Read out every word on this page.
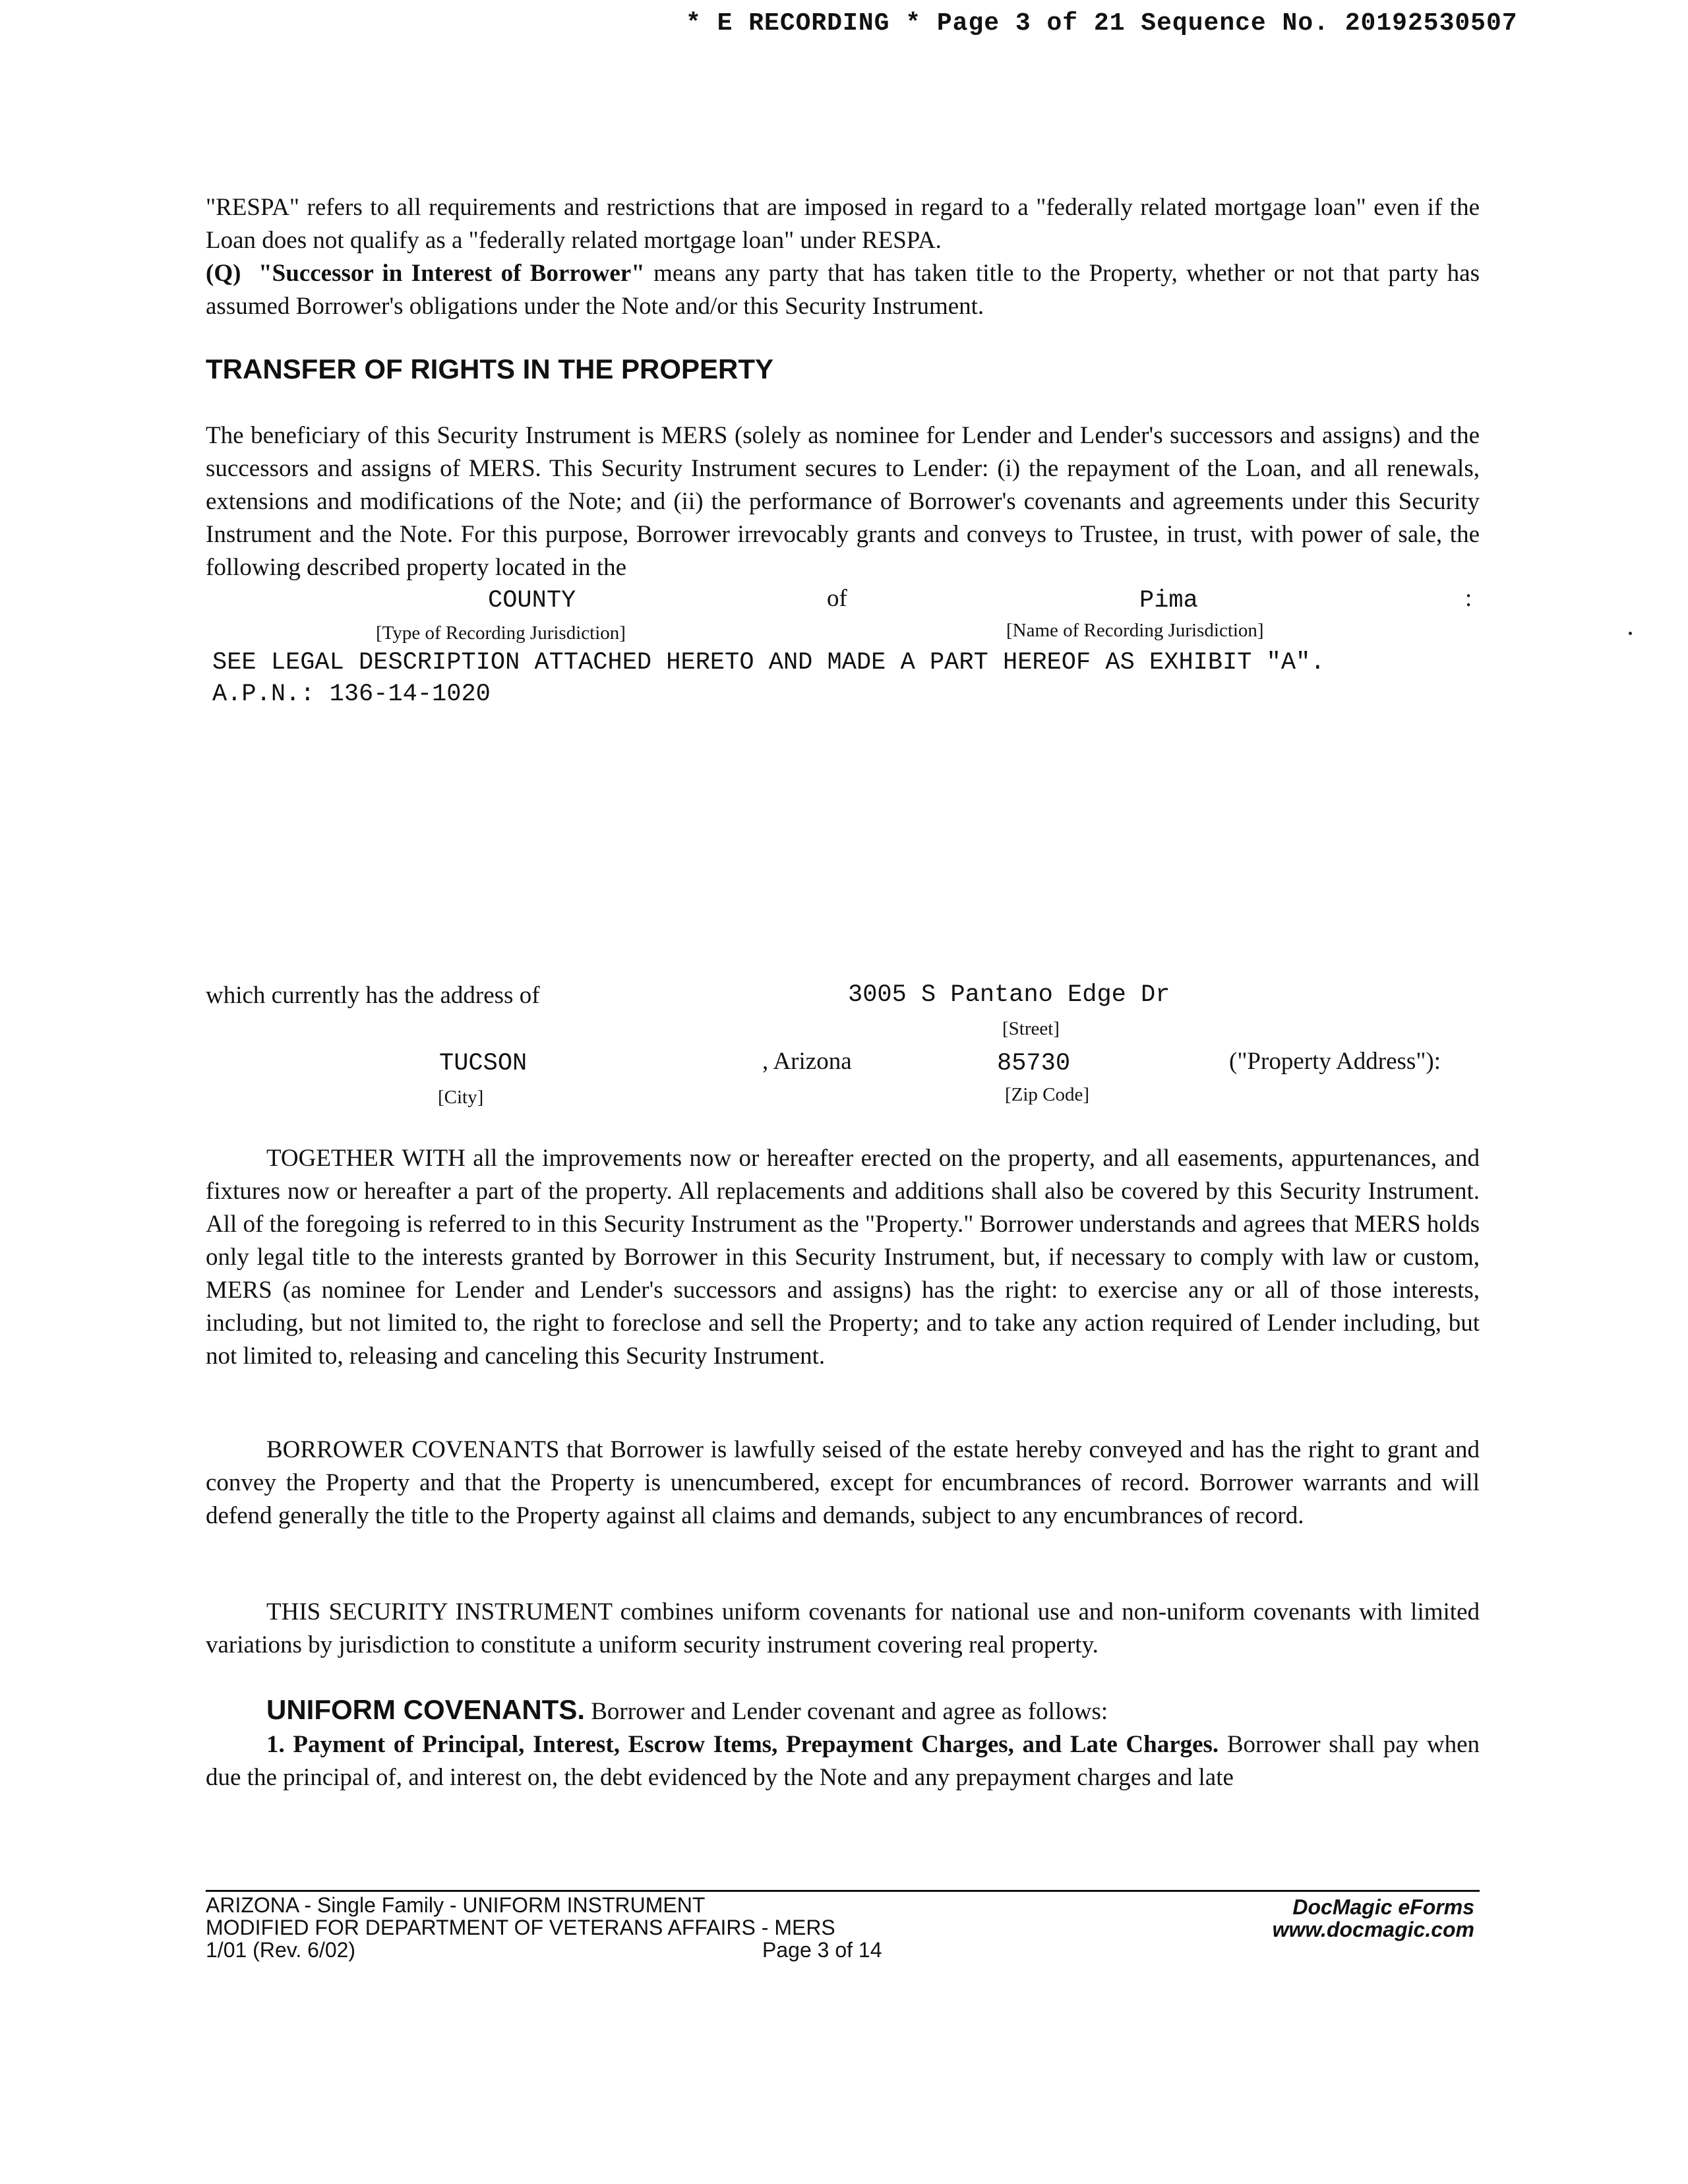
* E RECORDING * Page 3 of 21 Sequence No. 20192530507

"RESPA" refers to all requirements and restrictions that are imposed in regard to a "federally related mortgage loan" even if the Loan does not qualify as a "federally related mortgage loan" under RESPA.

(Q) "Successor in Interest of Borrower" means any party that has taken title to the Property, whether or not that party has assumed Borrower's obligations under the Note and/or this Security Instrument.

TRANSFER OF RIGHTS IN THE PROPERTY

The beneficiary of this Security Instrument is MERS (solely as nominee for Lender and Lender's successors and assigns) and the successors and assigns of MERS. This Security Instrument secures to Lender: (i) the repayment of the Loan, and all renewals, extensions and modifications of the Note; and (ii) the performance of Borrower's covenants and agreements under this Security Instrument and the Note. For this purpose, Borrower irrevocably grants and conveys to Trustee, in trust, with power of sale, the following described property located in the

COUNTY	of	Pima	:
[Type of Recording Jurisdiction]	[Name of Recording Jurisdiction]
SEE LEGAL DESCRIPTION ATTACHED HERETO AND MADE A PART HEREOF AS EXHIBIT "A".
A.P.N.: 136-14-1020
which currently has the address of	3005 S Pantano Edge Dr
[Street]
TUCSON	, Arizona	85730	("Property Address"):
[City]	[Zip Code]

TOGETHER WITH all the improvements now or hereafter erected on the property, and all easements, appurtenances, and fixtures now or hereafter a part of the property. All replacements and additions shall also be covered by this Security Instrument. All of the foregoing is referred to in this Security Instrument as the "Property." Borrower understands and agrees that MERS holds only legal title to the interests granted by Borrower in this Security Instrument, but, if necessary to comply with law or custom, MERS (as nominee for Lender and Lender's successors and assigns) has the right: to exercise any or all of those interests, including, but not limited to, the right to foreclose and sell the Property; and to take any action required of Lender including, but not limited to, releasing and canceling this Security Instrument.

BORROWER COVENANTS that Borrower is lawfully seised of the estate hereby conveyed and has the right to grant and convey the Property and that the Property is unencumbered, except for encumbrances of record. Borrower warrants and will defend generally the title to the Property against all claims and demands, subject to any encumbrances of record.

THIS SECURITY INSTRUMENT combines uniform covenants for national use and non-uniform covenants with limited variations by jurisdiction to constitute a uniform security instrument covering real property.

UNIFORM COVENANTS. Borrower and Lender covenant and agree as follows:

1. Payment of Principal, Interest, Escrow Items, Prepayment Charges, and Late Charges. Borrower shall pay when due the principal of, and interest on, the debt evidenced by the Note and any prepayment charges and late

ARIZONA - Single Family - UNIFORM INSTRUMENT
MODIFIED FOR DEPARTMENT OF VETERANS AFFAIRS - MERS
1/01 (Rev. 6/02)	Page 3 of 14
DocMagic eForms
www.docmagic.com
